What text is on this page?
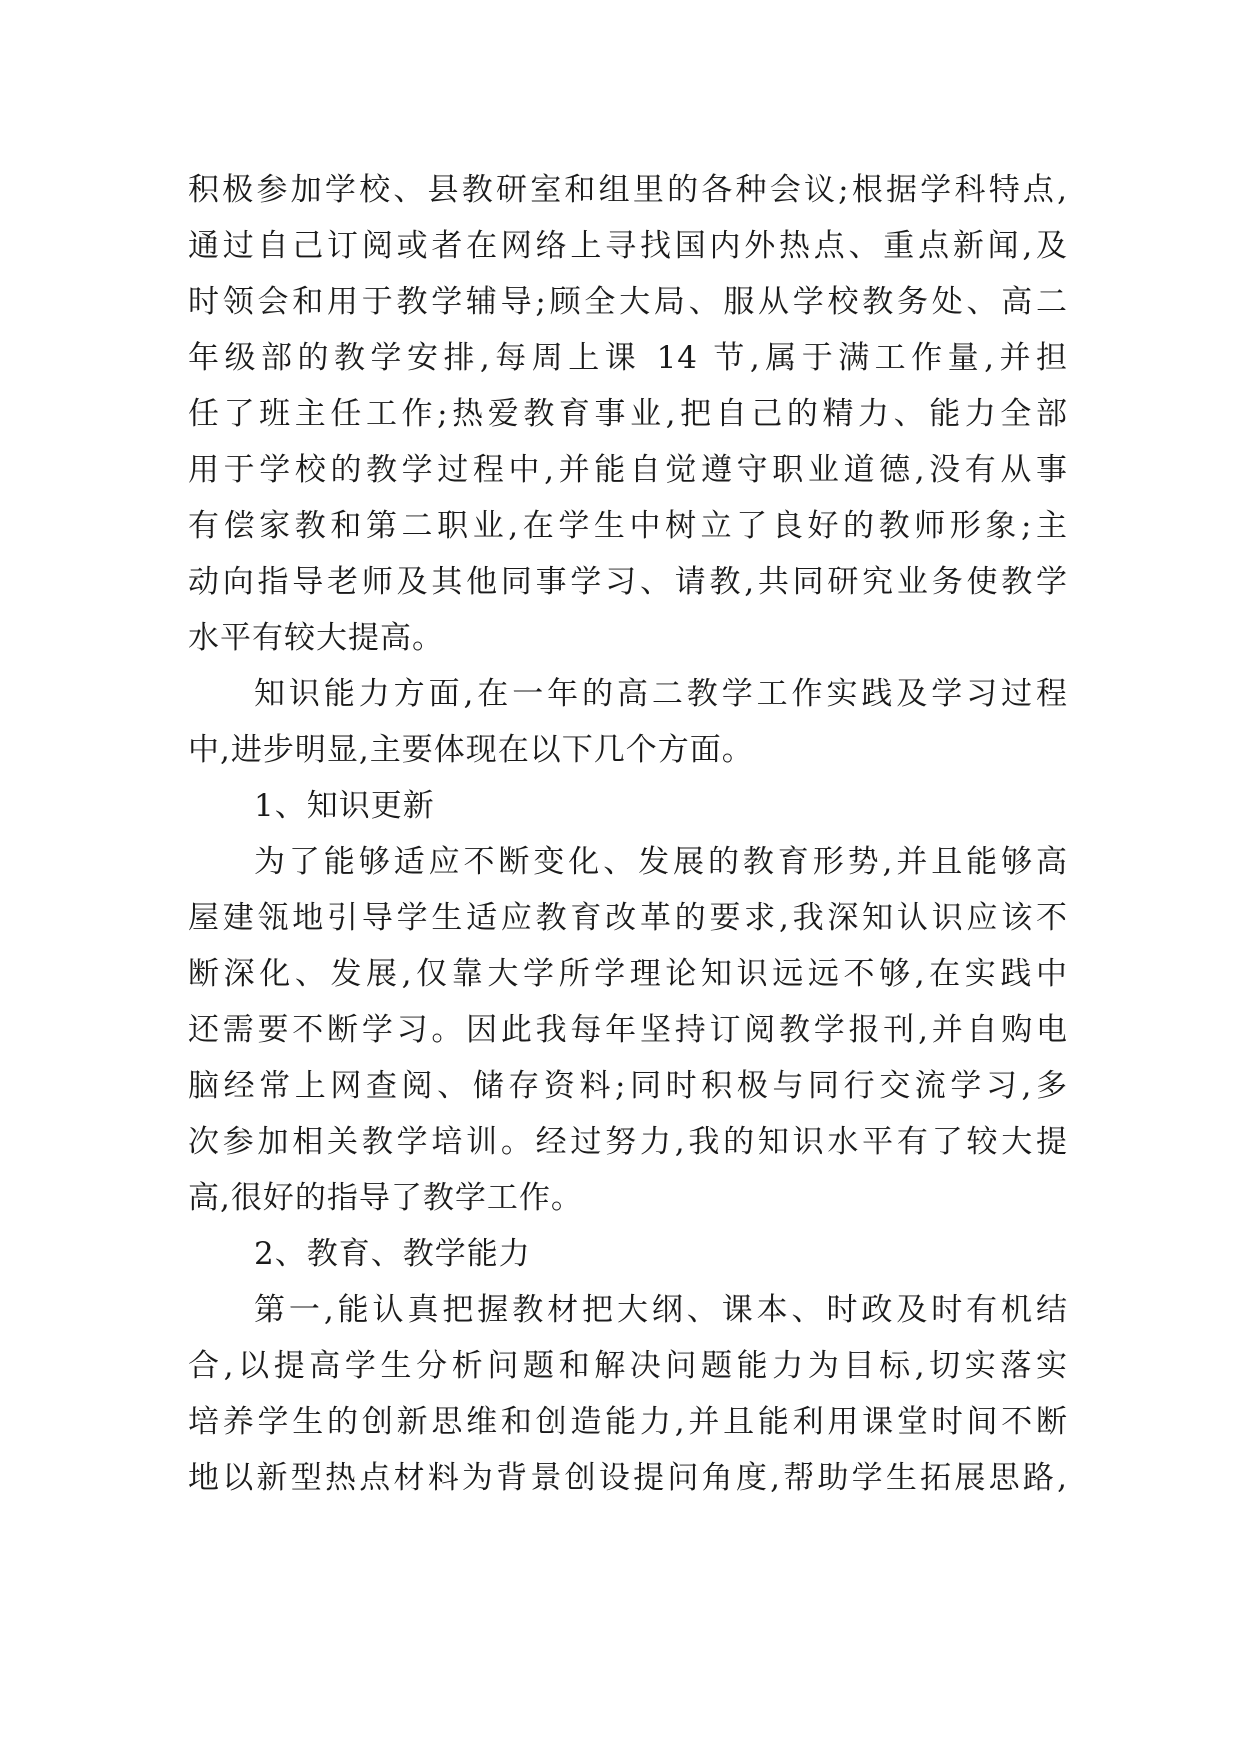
积极参加学校、县教研室和组里的各种会议;根据学科特点,
通过自己订阅或者在网络上寻找国内外热点、重点新闻,及
时领会和用于教学辅导;顾全大局、服从学校教务处、高二
年级部的教学安排,每周上课 14 节,属于满工作量,并担
任了班主任工作;热爱教育事业,把自己的精力、能力全部
用于学校的教学过程中,并能自觉遵守职业道德,没有从事
有偿家教和第二职业,在学生中树立了良好的教师形象;主
动向指导老师及其他同事学习、请教,共同研究业务使教学
水平有较大提高。
知识能力方面,在一年的高二教学工作实践及学习过程
中,进步明显,主要体现在以下几个方面。
1、知识更新
为了能够适应不断变化、发展的教育形势,并且能够高
屋建瓴地引导学生适应教育改革的要求,我深知认识应该不
断深化、发展,仅靠大学所学理论知识远远不够,在实践中
还需要不断学习。因此我每年坚持订阅教学报刊,并自购电
脑经常上网查阅、储存资料;同时积极与同行交流学习,多
次参加相关教学培训。经过努力,我的知识水平有了较大提
高,很好的指导了教学工作。
2、教育、教学能力
第一,能认真把握教材把大纲、课本、时政及时有机结
合,以提高学生分析问题和解决问题能力为目标,切实落实
培养学生的创新思维和创造能力,并且能利用课堂时间不断
地以新型热点材料为背景创设提问角度,帮助学生拓展思路,
